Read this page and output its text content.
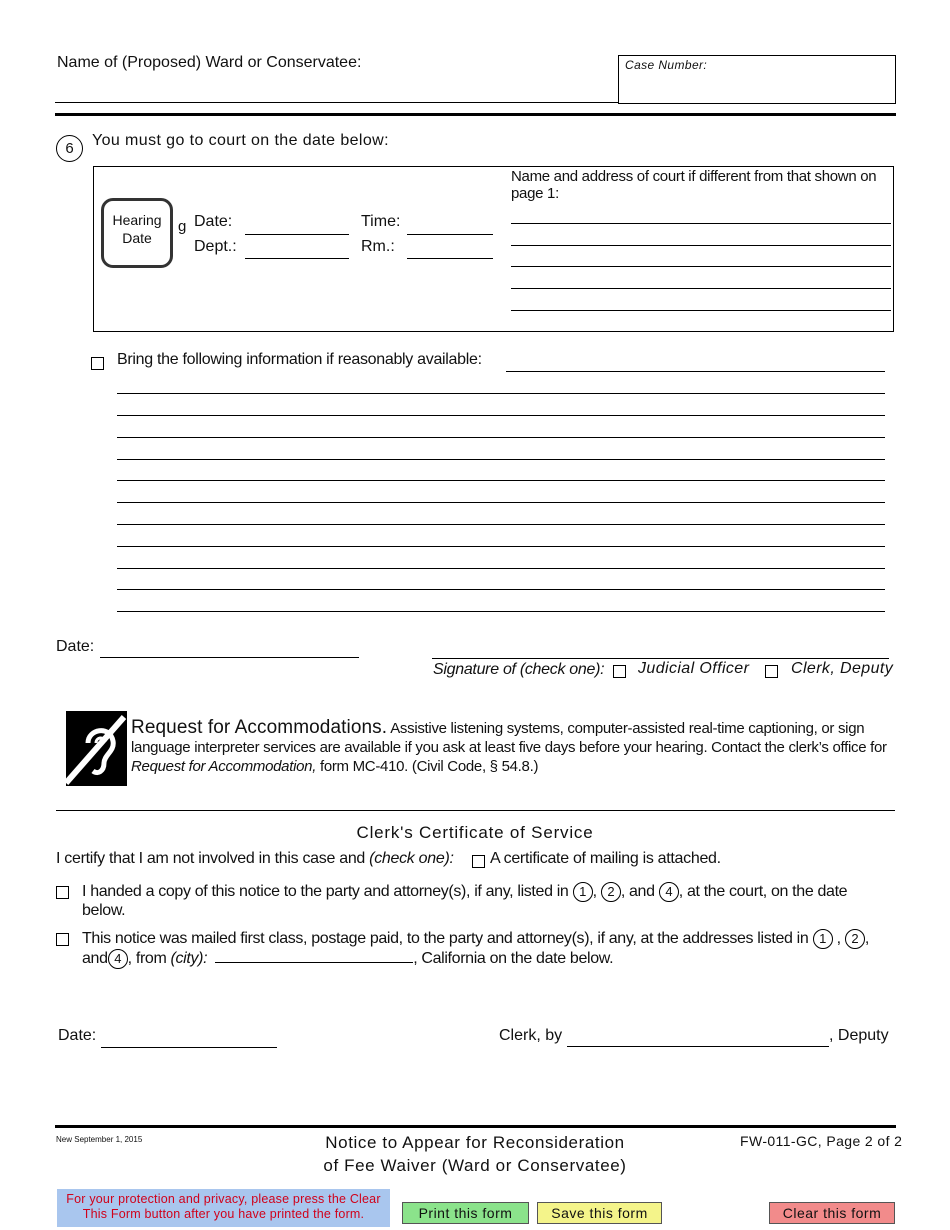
Name of (Proposed) Ward or Conservatee:	Case Number:
6	You must go to court on the date below:
Hearing Date
g Date:	Time:
Dept.:	Rm.:
Name and address of court if different from that shown on page 1:
Bring the following information if reasonably available:
Date:
Signature of (check one): Judicial Officer	Clerk, Deputy
Request for Accommodations. Assistive listening systems, computer-assisted real-time captioning, or sign language interpreter services are available if you ask at least five days before your hearing. Contact the clerk’s office for Request for Accommodation, form MC-410. (Civil Code, § 54.8.)
Clerk's Certificate of Service
I certify that I am not involved in this case and (check one): A certificate of mailing is attached.
I handed a copy of this notice to the party and attorney(s), if any, listed in 1 , 2 , and 4 , at the court, on the date below.
This notice was mailed first class, postage paid, to the party and attorney(s), if any, at the addresses listed in 1 , 2 ,
and 4 , from (city):	, California on the date below.
Date:	Clerk, by	, Deputy
New September 1, 2015	Notice to Appear for Reconsideration
of Fee Waiver (Ward or Conservatee)
FW-011-GC, Page 2 of 2
For your protection and privacy, please press the Clear This Form button after you have printed the form.	Print this form	Save this form	Clear this form
